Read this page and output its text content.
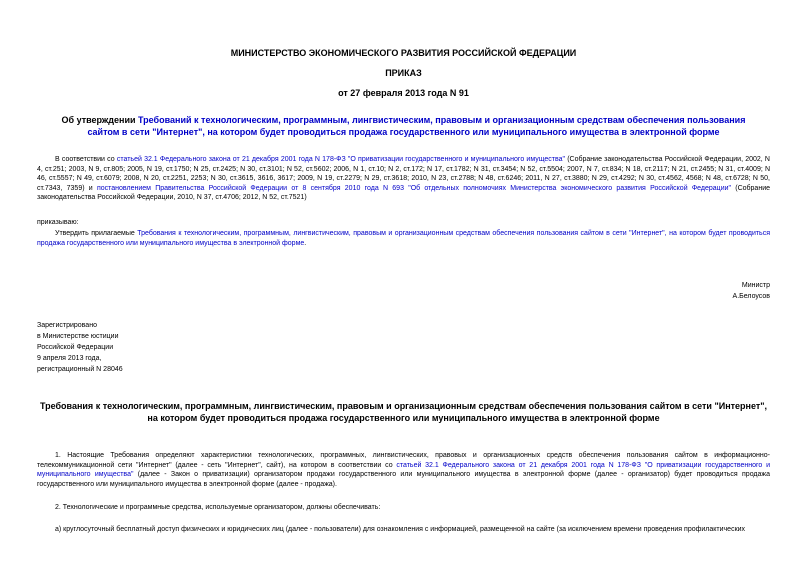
МИНИСТЕРСТВО ЭКОНОМИЧЕСКОГО РАЗВИТИЯ РОССИЙСКОЙ ФЕДЕРАЦИИ
ПРИКАЗ
от 27 февраля 2013 года N 91
Об утверждении Требований к технологическим, программным, лингвистическим, правовым и организационным средствам обеспечения пользования сайтом в сети "Интернет", на котором будет проводиться продажа государственного или муниципального имущества в электронной форме
В соответствии со статьей 32.1 Федерального закона от 21 декабря 2001 года N 178-ФЗ "О приватизации государственного и муниципального имущества" (Собрание законодательства Российской Федерации, 2002, N 4, ст.251; 2003, N 9, ст.805; 2005, N 19, ст.1750; N 25, ст.2425; N 30, ст.3101; N 52, ст.5602; 2006, N 1, ст.10; N 2, ст.172; N 17, ст.1782; N 31, ст.3454; N 52, ст.5504; 2007, N 7, ст.834; N 18, ст.2117; N 21, ст.2455; N 31, ст.4009; N 46, ст.5557; N 49, ст.6079; 2008, N 20, ст.2251, 2253; N 30, ст.3615, 3616, 3617; 2009, N 19, ст.2279; N 29, ст.3618; 2010, N 23, ст.2788; N 48, ст.6246; 2011, N 27, ст.3880; N 29, ст.4292; N 30, ст.4562, 4568; N 48, ст.6728; N 50, ст.7343, 7359) и постановлением Правительства Российской Федерации от 8 сентября 2010 года N 693 "Об отдельных полномочиях Министерства экономического развития Российской Федерации" (Собрание законодательства Российской Федерации, 2010, N 37, ст.4706; 2012, N 52, ст.7521)
приказываю:
Утвердить прилагаемые Требования к технологическим, программным, лингвистическим, правовым и организационным средствам обеспечения пользования сайтом в сети "Интернет", на котором будет проводиться продажа государственного или муниципального имущества в электронной форме.
Министр
А.Белоусов
Зарегистрировано
в Министерстве юстиции
Российской Федерации
9 апреля 2013 года,
регистрационный N 28046
Требования к технологическим, программным, лингвистическим, правовым и организационным средствам обеспечения пользования сайтом в сети "Интернет", на котором будет проводиться продажа государственного или муниципального имущества в электронной форме
1. Настоящие Требования определяют характеристики технологических, программных, лингвистических, правовых и организационных средств обеспечения пользования сайтом в информационно-телекоммуникационной сети "Интернет" (далее - сеть "Интернет", сайт), на котором в соответствии со статьей 32.1 Федерального закона от 21 декабря 2001 года N 178-ФЗ "О приватизации государственного и муниципального имущества" (далее - Закон о приватизации) организатором продажи государственного или муниципального имущества в электронной форме (далее - организатор) будет проводиться продажа государственного или муниципального имущества в электронной форме (далее - продажа).
2. Технологические и программные средства, используемые организатором, должны обеспечивать:
а) круглосуточный бесплатный доступ физических и юридических лиц (далее - пользователи) для ознакомления с информацией, размещенной на сайте (за исключением времени проведения профилактических
